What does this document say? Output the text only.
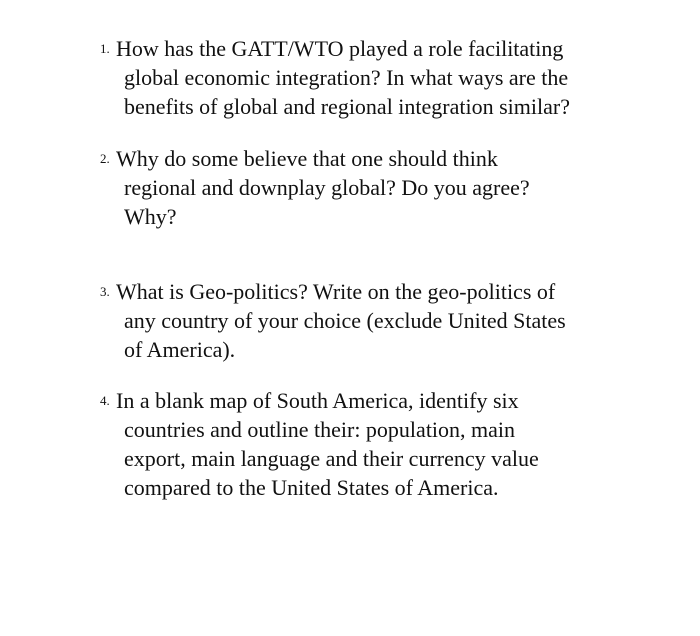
1. How has the GATT/WTO played a role facilitating
global economic integration? In what ways are the
benefits of global and regional integration similar?
2. Why do some believe that one should think
regional and downplay global? Do you agree?
Why?
3. What is Geo-politics? Write on the geo-politics of
any country of your choice (exclude United States
of America).
4. In a blank map of South America, identify six
countries and outline their: population, main
export, main language and their currency value
compared to the United States of America.
